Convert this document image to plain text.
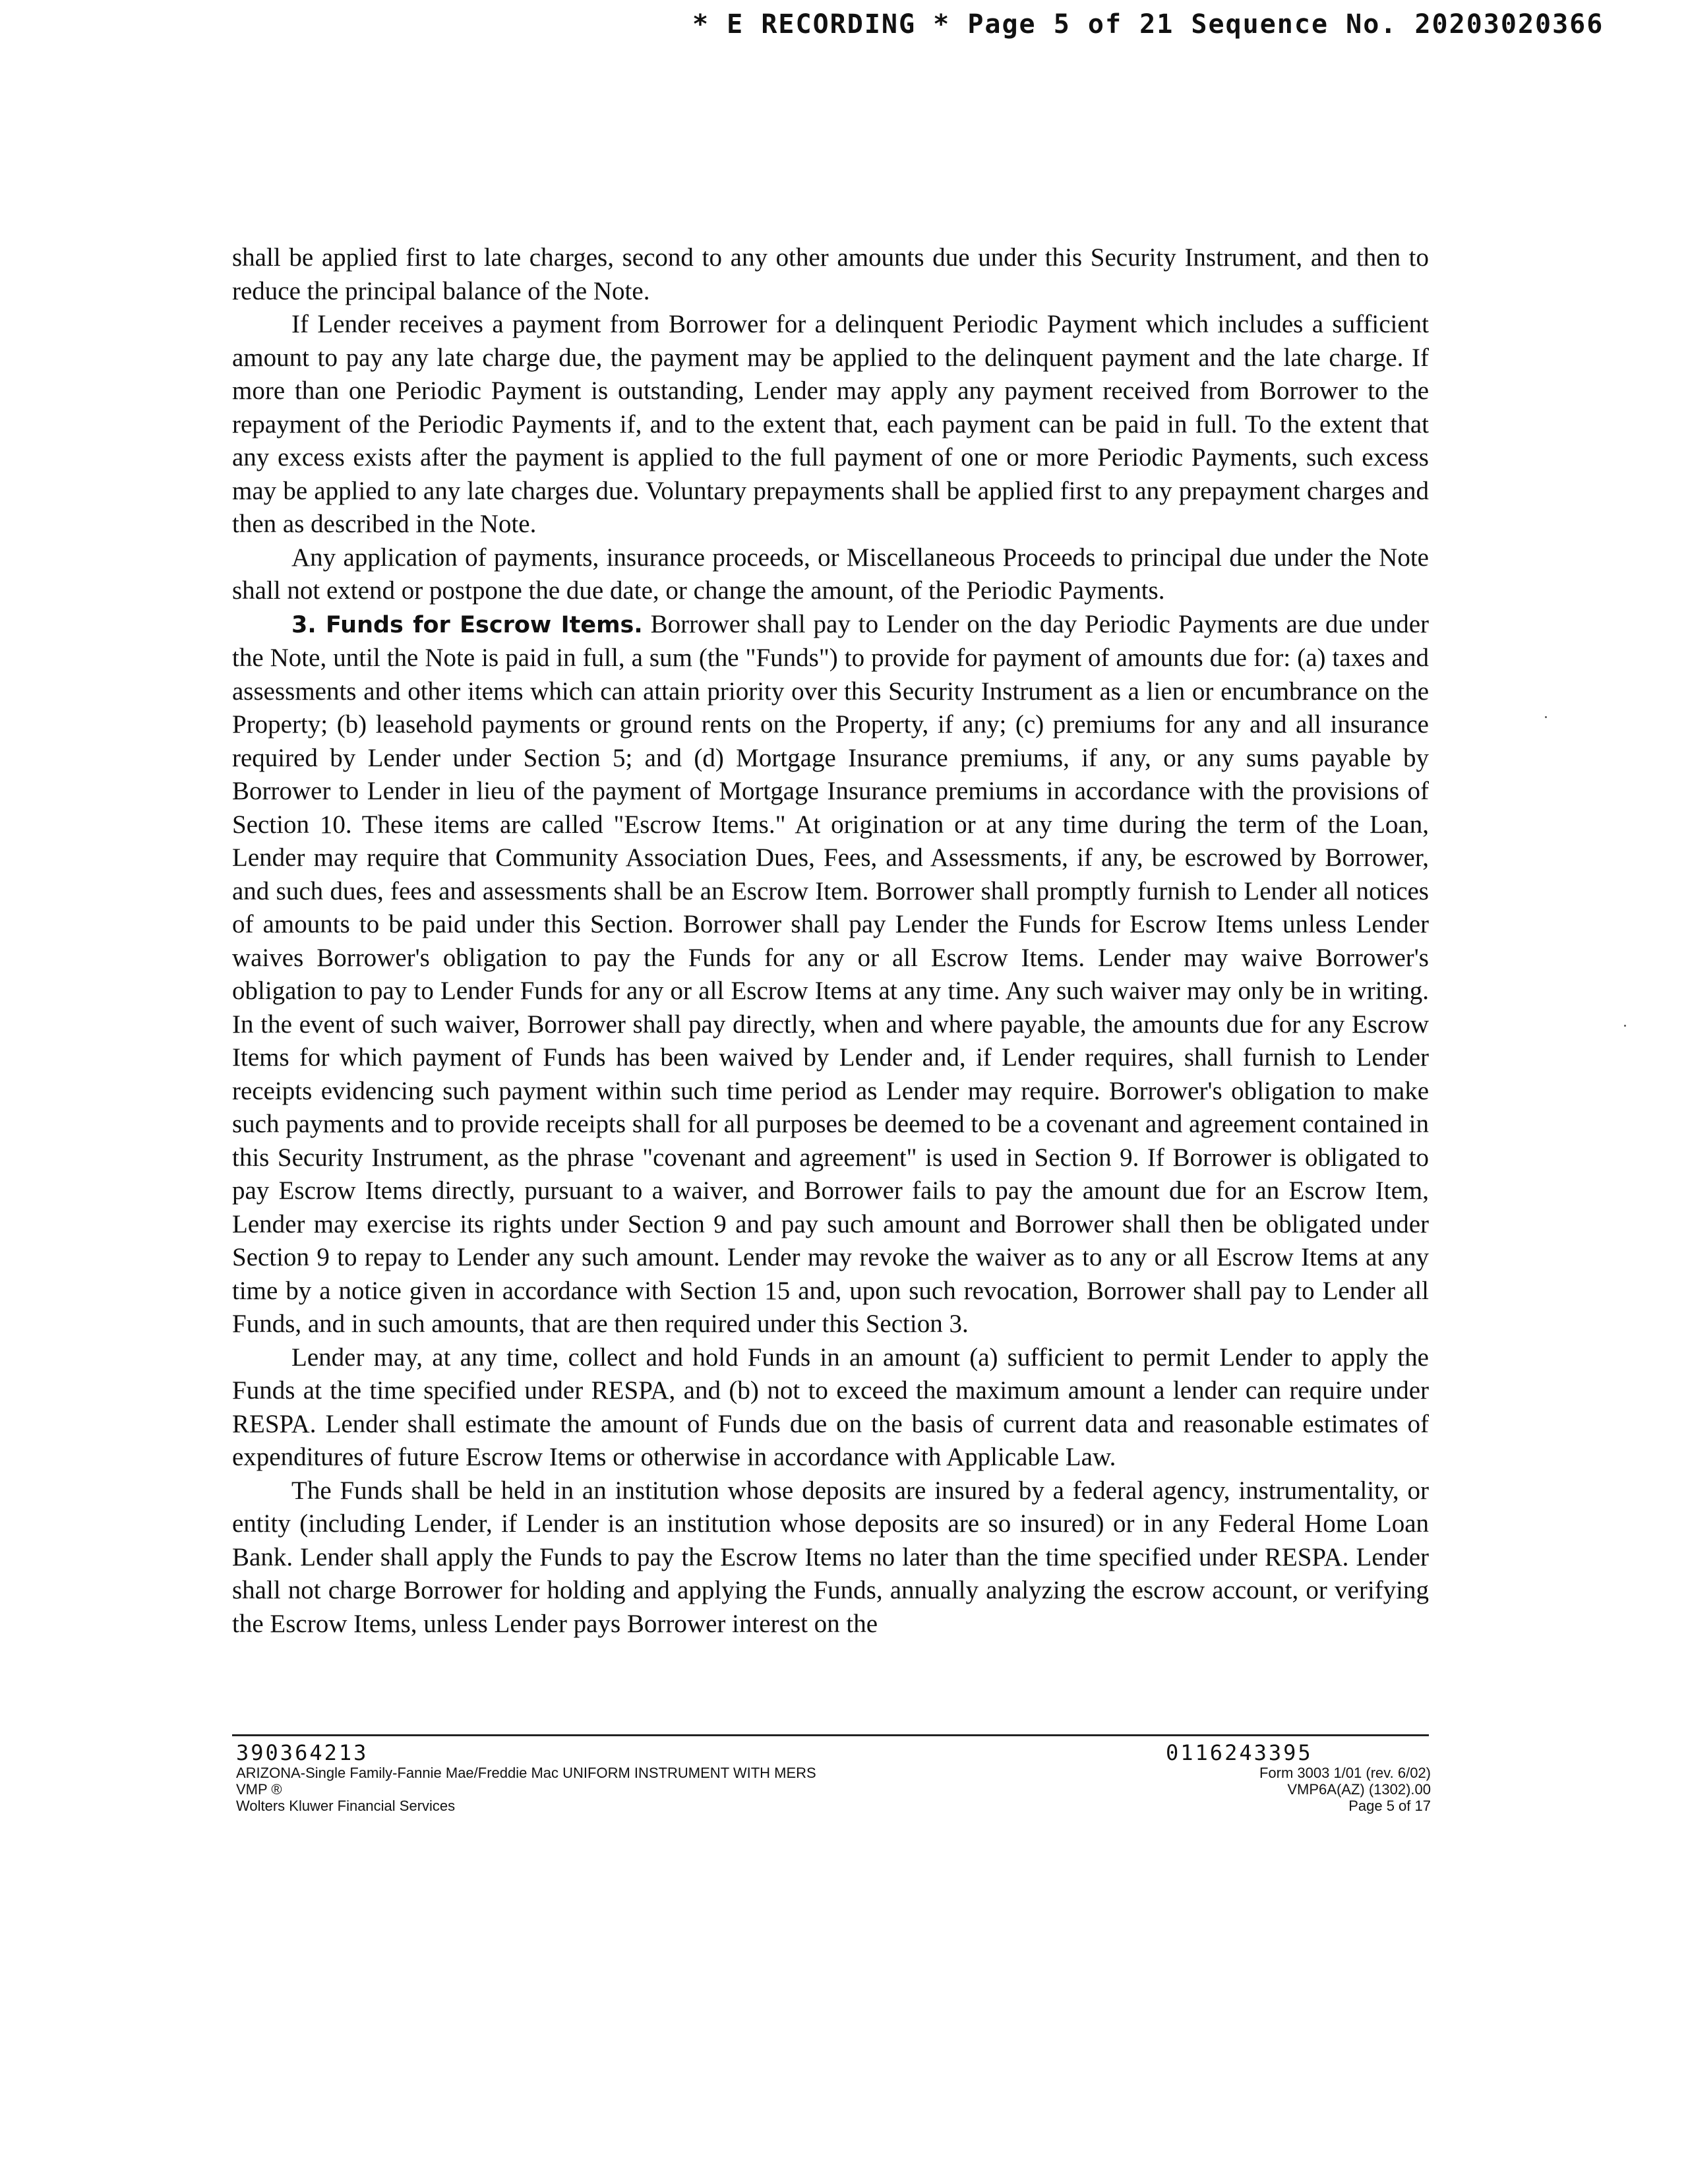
* E RECORDING * Page 5 of 21 Sequence No. 20203020366

shall be applied first to late charges, second to any other amounts due under this Security Instrument, and then to reduce the principal balance of the Note.

If Lender receives a payment from Borrower for a delinquent Periodic Payment which includes a sufficient amount to pay any late charge due, the payment may be applied to the delinquent payment and the late charge. If more than one Periodic Payment is outstanding, Lender may apply any payment received from Borrower to the repayment of the Periodic Payments if, and to the extent that, each payment can be paid in full. To the extent that any excess exists after the payment is applied to the full payment of one or more Periodic Payments, such excess may be applied to any late charges due. Voluntary prepayments shall be applied first to any prepayment charges and then as described in the Note.

Any application of payments, insurance proceeds, or Miscellaneous Proceeds to principal due under the Note shall not extend or postpone the due date, or change the amount, of the Periodic Payments.

3. Funds for Escrow Items. Borrower shall pay to Lender on the day Periodic Payments are due under the Note, until the Note is paid in full, a sum (the "Funds") to provide for payment of amounts due for: (a) taxes and assessments and other items which can attain priority over this Security Instrument as a lien or encumbrance on the Property; (b) leasehold payments or ground rents on the Property, if any; (c) premiums for any and all insurance required by Lender under Section 5; and (d) Mortgage Insurance premiums, if any, or any sums payable by Borrower to Lender in lieu of the payment of Mortgage Insurance premiums in accordance with the provisions of Section 10. These items are called "Escrow Items." At origination or at any time during the term of the Loan, Lender may require that Community Association Dues, Fees, and Assessments, if any, be escrowed by Borrower, and such dues, fees and assessments shall be an Escrow Item. Borrower shall promptly furnish to Lender all notices of amounts to be paid under this Section. Borrower shall pay Lender the Funds for Escrow Items unless Lender waives Borrower's obligation to pay the Funds for any or all Escrow Items. Lender may waive Borrower's obligation to pay to Lender Funds for any or all Escrow Items at any time. Any such waiver may only be in writing. In the event of such waiver, Borrower shall pay directly, when and where payable, the amounts due for any Escrow Items for which payment of Funds has been waived by Lender and, if Lender requires, shall furnish to Lender receipts evidencing such payment within such time period as Lender may require. Borrower's obligation to make such payments and to provide receipts shall for all purposes be deemed to be a covenant and agreement contained in this Security Instrument, as the phrase "covenant and agreement" is used in Section 9. If Borrower is obligated to pay Escrow Items directly, pursuant to a waiver, and Borrower fails to pay the amount due for an Escrow Item, Lender may exercise its rights under Section 9 and pay such amount and Borrower shall then be obligated under Section 9 to repay to Lender any such amount. Lender may revoke the waiver as to any or all Escrow Items at any time by a notice given in accordance with Section 15 and, upon such revocation, Borrower shall pay to Lender all Funds, and in such amounts, that are then required under this Section 3.

Lender may, at any time, collect and hold Funds in an amount (a) sufficient to permit Lender to apply the Funds at the time specified under RESPA, and (b) not to exceed the maximum amount a lender can require under RESPA. Lender shall estimate the amount of Funds due on the basis of current data and reasonable estimates of expenditures of future Escrow Items or otherwise in accordance with Applicable Law.

The Funds shall be held in an institution whose deposits are insured by a federal agency, instrumentality, or entity (including Lender, if Lender is an institution whose deposits are so insured) or in any Federal Home Loan Bank. Lender shall apply the Funds to pay the Escrow Items no later than the time specified under RESPA. Lender shall not charge Borrower for holding and applying the Funds, annually analyzing the escrow account, or verifying the Escrow Items, unless Lender pays Borrower interest on the

390364213
ARIZONA-Single Family-Fannie Mae/Freddie Mac UNIFORM INSTRUMENT WITH MERS
VMP ®
Wolters Kluwer Financial Services
0116243395
Form 3003 1/01 (rev. 6/02)
VMP6A(AZ) (1302).00
Page 5 of 17
